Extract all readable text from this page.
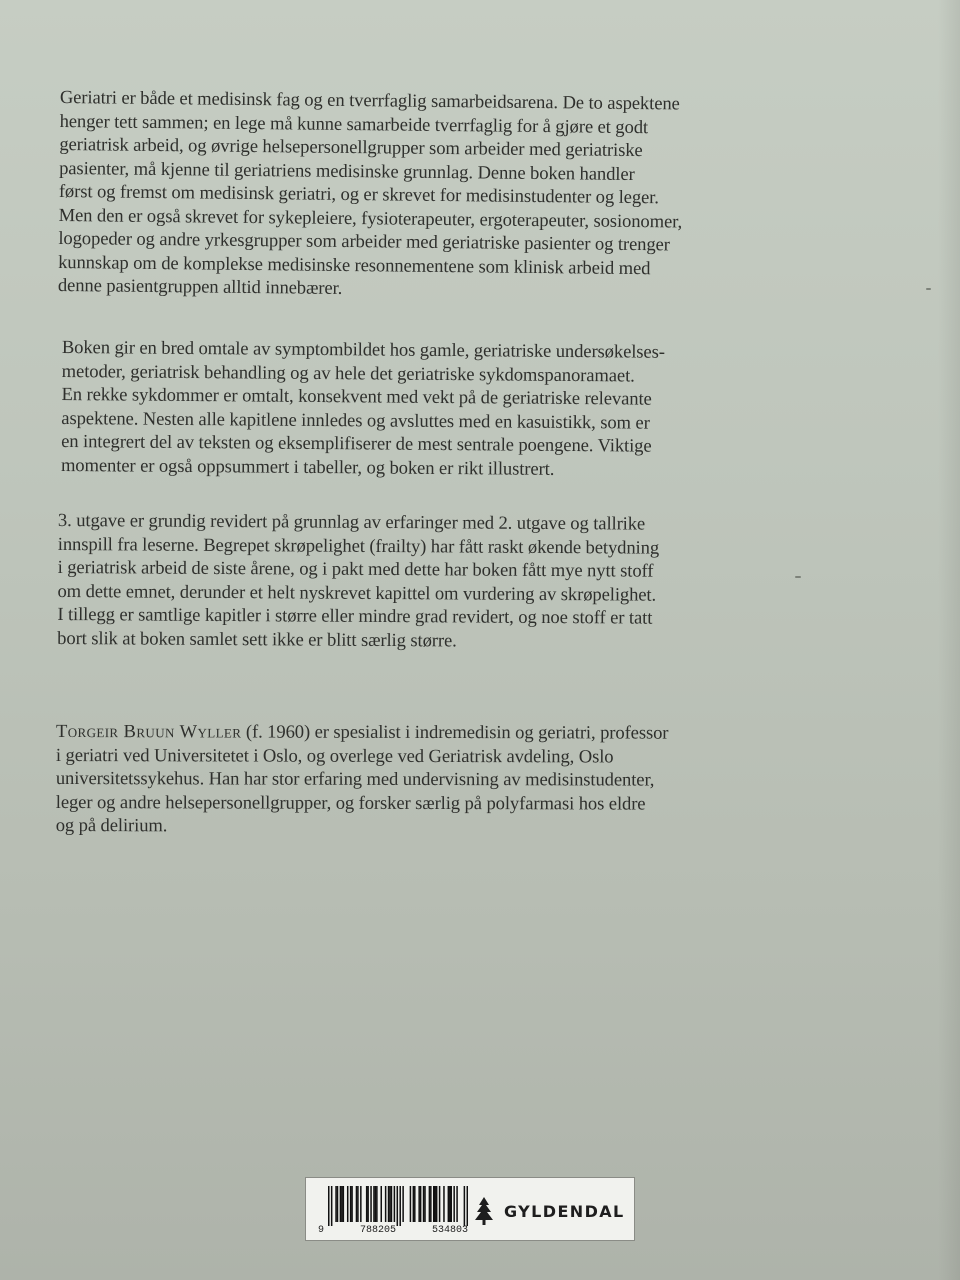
Geriatri er både et medisinsk fag og en tverrfaglig samarbeidsarena. De to aspektene
henger tett sammen; en lege må kunne samarbeide tverrfaglig for å gjøre et godt
geriatrisk arbeid, og øvrige helsepersonellgrupper som arbeider med geriatriske
pasienter, må kjenne til geriatriens medisinske grunnlag. Denne boken handler
først og fremst om medisinsk geriatri, og er skrevet for medisinstudenter og leger.
Men den er også skrevet for sykepleiere, fysioterapeuter, ergoterapeuter, sosionomer,
logopeder og andre yrkesgrupper som arbeider med geriatriske pasienter og trenger
kunnskap om de komplekse medisinske resonnementene som klinisk arbeid med
denne pasientgruppen alltid innebærer.
Boken gir en bred omtale av symptombildet hos gamle, geriatriske undersøkelses-
metoder, geriatrisk behandling og av hele det geriatriske sykdomspanoramaet.
En rekke sykdommer er omtalt, konsekvent med vekt på de geriatriske relevante
aspektene. Nesten alle kapitlene innledes og avsluttes med en kasuistikk, som er
en integrert del av teksten og eksemplifiserer de mest sentrale poengene. Viktige
momenter er også oppsummert i tabeller, og boken er rikt illustrert.
3. utgave er grundig revidert på grunnlag av erfaringer med 2. utgave og tallrike
innspill fra leserne. Begrepet skrøpelighet (frailty) har fått raskt økende betydning
i geriatrisk arbeid de siste årene, og i pakt med dette har boken fått mye nytt stoff
om dette emnet, derunder et helt nyskrevet kapittel om vurdering av skrøpelighet.
I tillegg er samtlige kapitler i større eller mindre grad revidert, og noe stoff er tatt
bort slik at boken samlet sett ikke er blitt særlig større.
Torgeir Bruun Wyller (f. 1960) er spesialist i indremedisin og geriatri, professor
i geriatri ved Universitetet i Oslo, og overlege ved Geriatrisk avdeling, Oslo
universitetssykehus. Han har stor erfaring med undervisning av medisinstudenter,
leger og andre helsepersonellgrupper, og forsker særlig på polyfarmasi hos eldre
og på delirium.
9	788205	534803
GYLDENDAL
